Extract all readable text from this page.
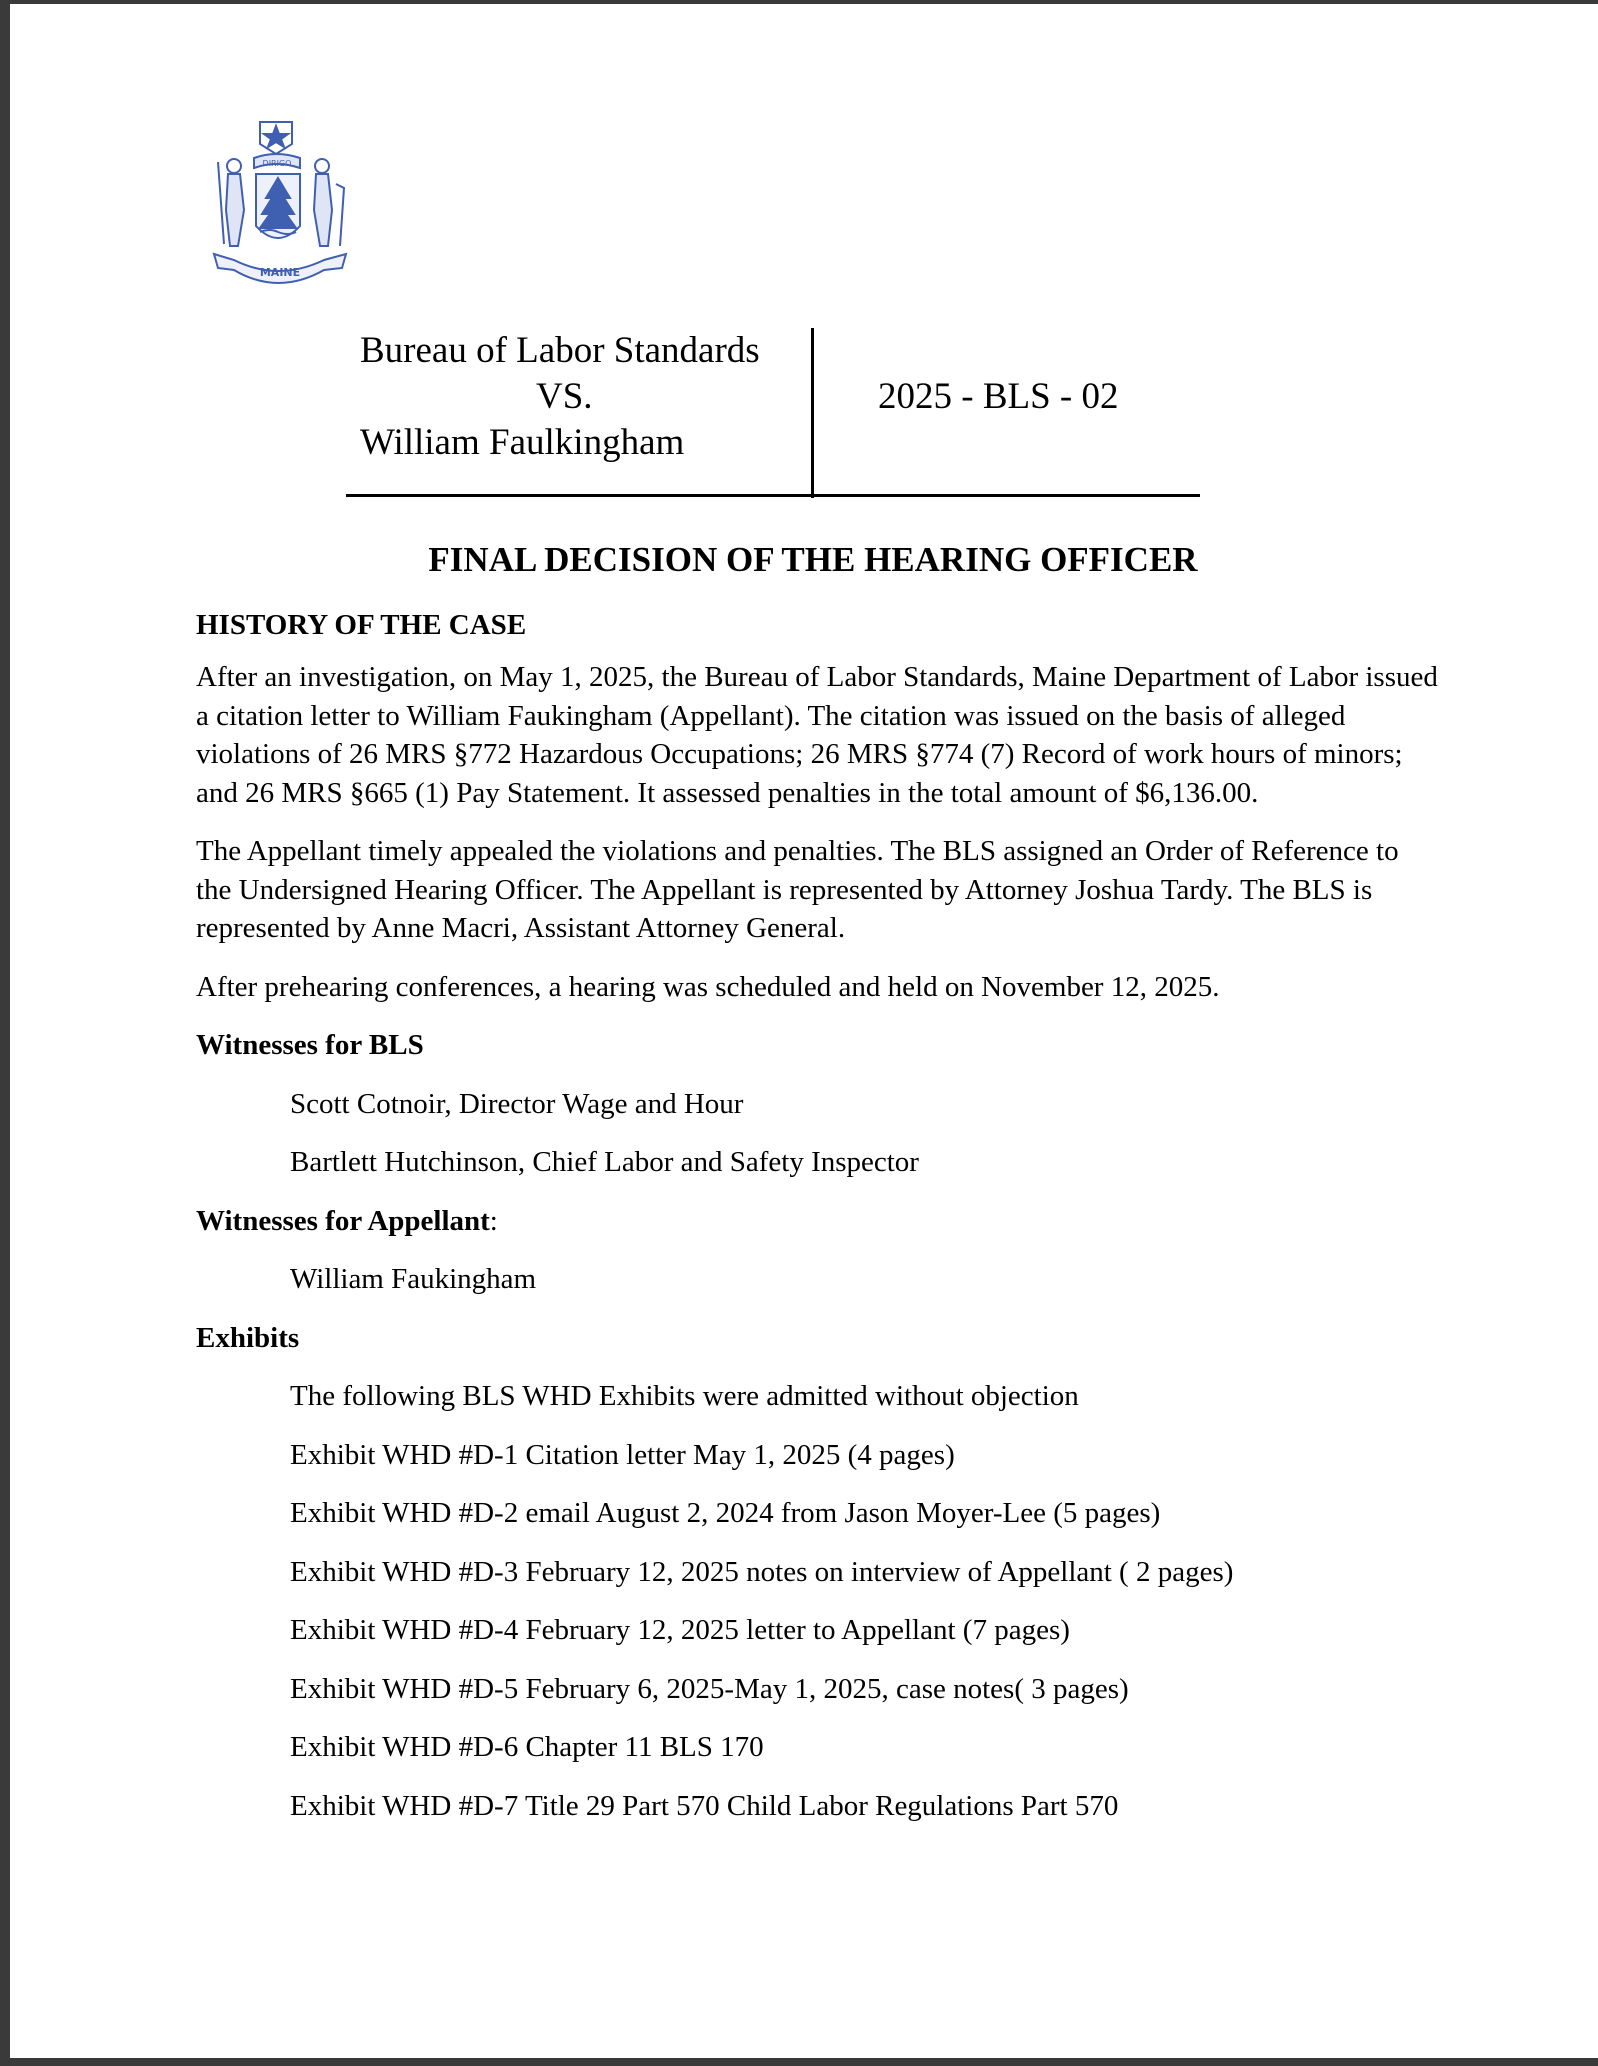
DIRIGO
MAINE
Bureau of Labor Standards
VS.
William Faulkingham
2025 - BLS - 02
FINAL DECISION OF THE HEARING OFFICER
HISTORY OF THE CASE

After an investigation, on May 1, 2025, the Bureau of Labor Standards, Maine Department of Labor issued a citation letter to William Faukingham (Appellant). The citation was issued on the basis of alleged violations of 26 MRS §772 Hazardous Occupations; 26 MRS §774 (7) Record of work hours of minors; and 26 MRS §665 (1) Pay Statement. It assessed penalties in the total amount of $6,136.00.

The Appellant timely appealed the violations and penalties. The BLS assigned an Order of Reference to the Undersigned Hearing Officer. The Appellant is represented by Attorney Joshua Tardy. The BLS is represented by Anne Macri, Assistant Attorney General.

After prehearing conferences, a hearing was scheduled and held on November 12, 2025.

Witnesses for BLS
Scott Cotnoir, Director Wage and Hour
Bartlett Hutchinson, Chief Labor and Safety Inspector
Witnesses for Appellant:
William Faukingham
Exhibits
The following BLS WHD Exhibits were admitted without objection
Exhibit WHD #D-1 Citation letter May 1, 2025 (4 pages)
Exhibit WHD #D-2 email August 2, 2024 from Jason Moyer-Lee (5 pages)
Exhibit WHD #D-3 February 12, 2025 notes on interview of Appellant ( 2 pages)
Exhibit WHD #D-4 February 12, 2025 letter to Appellant (7 pages)
Exhibit WHD #D-5 February 6, 2025-May 1, 2025, case notes( 3 pages)
Exhibit WHD #D-6 Chapter 11 BLS 170
Exhibit WHD #D-7 Title 29 Part 570 Child Labor Regulations Part 570
